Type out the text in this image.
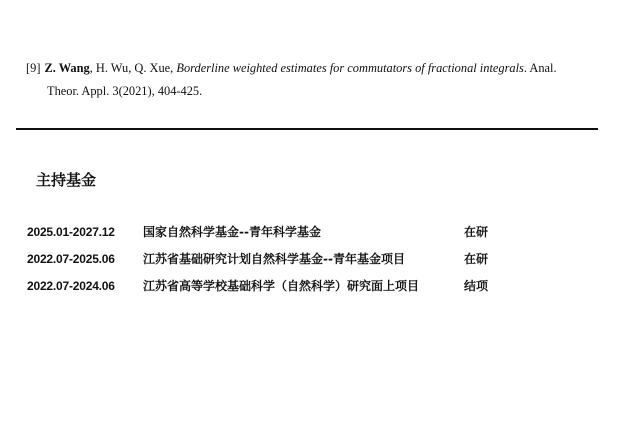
[9] Z. Wang, H. Wu, Q. Xue, Borderline weighted estimates for commutators of fractional integrals. Anal.
Theor. Appl. 3(2021), 404-425.
主持基金
2025.01-2027.12 国家自然科学基金--青年科学基金	在研
2022.07-2025.06 江苏省基础研究计划自然科学基金--青年基金项目	在研
2022.07-2024.06 江苏省高等学校基础科学（自然科学）研究面上项目	结项
